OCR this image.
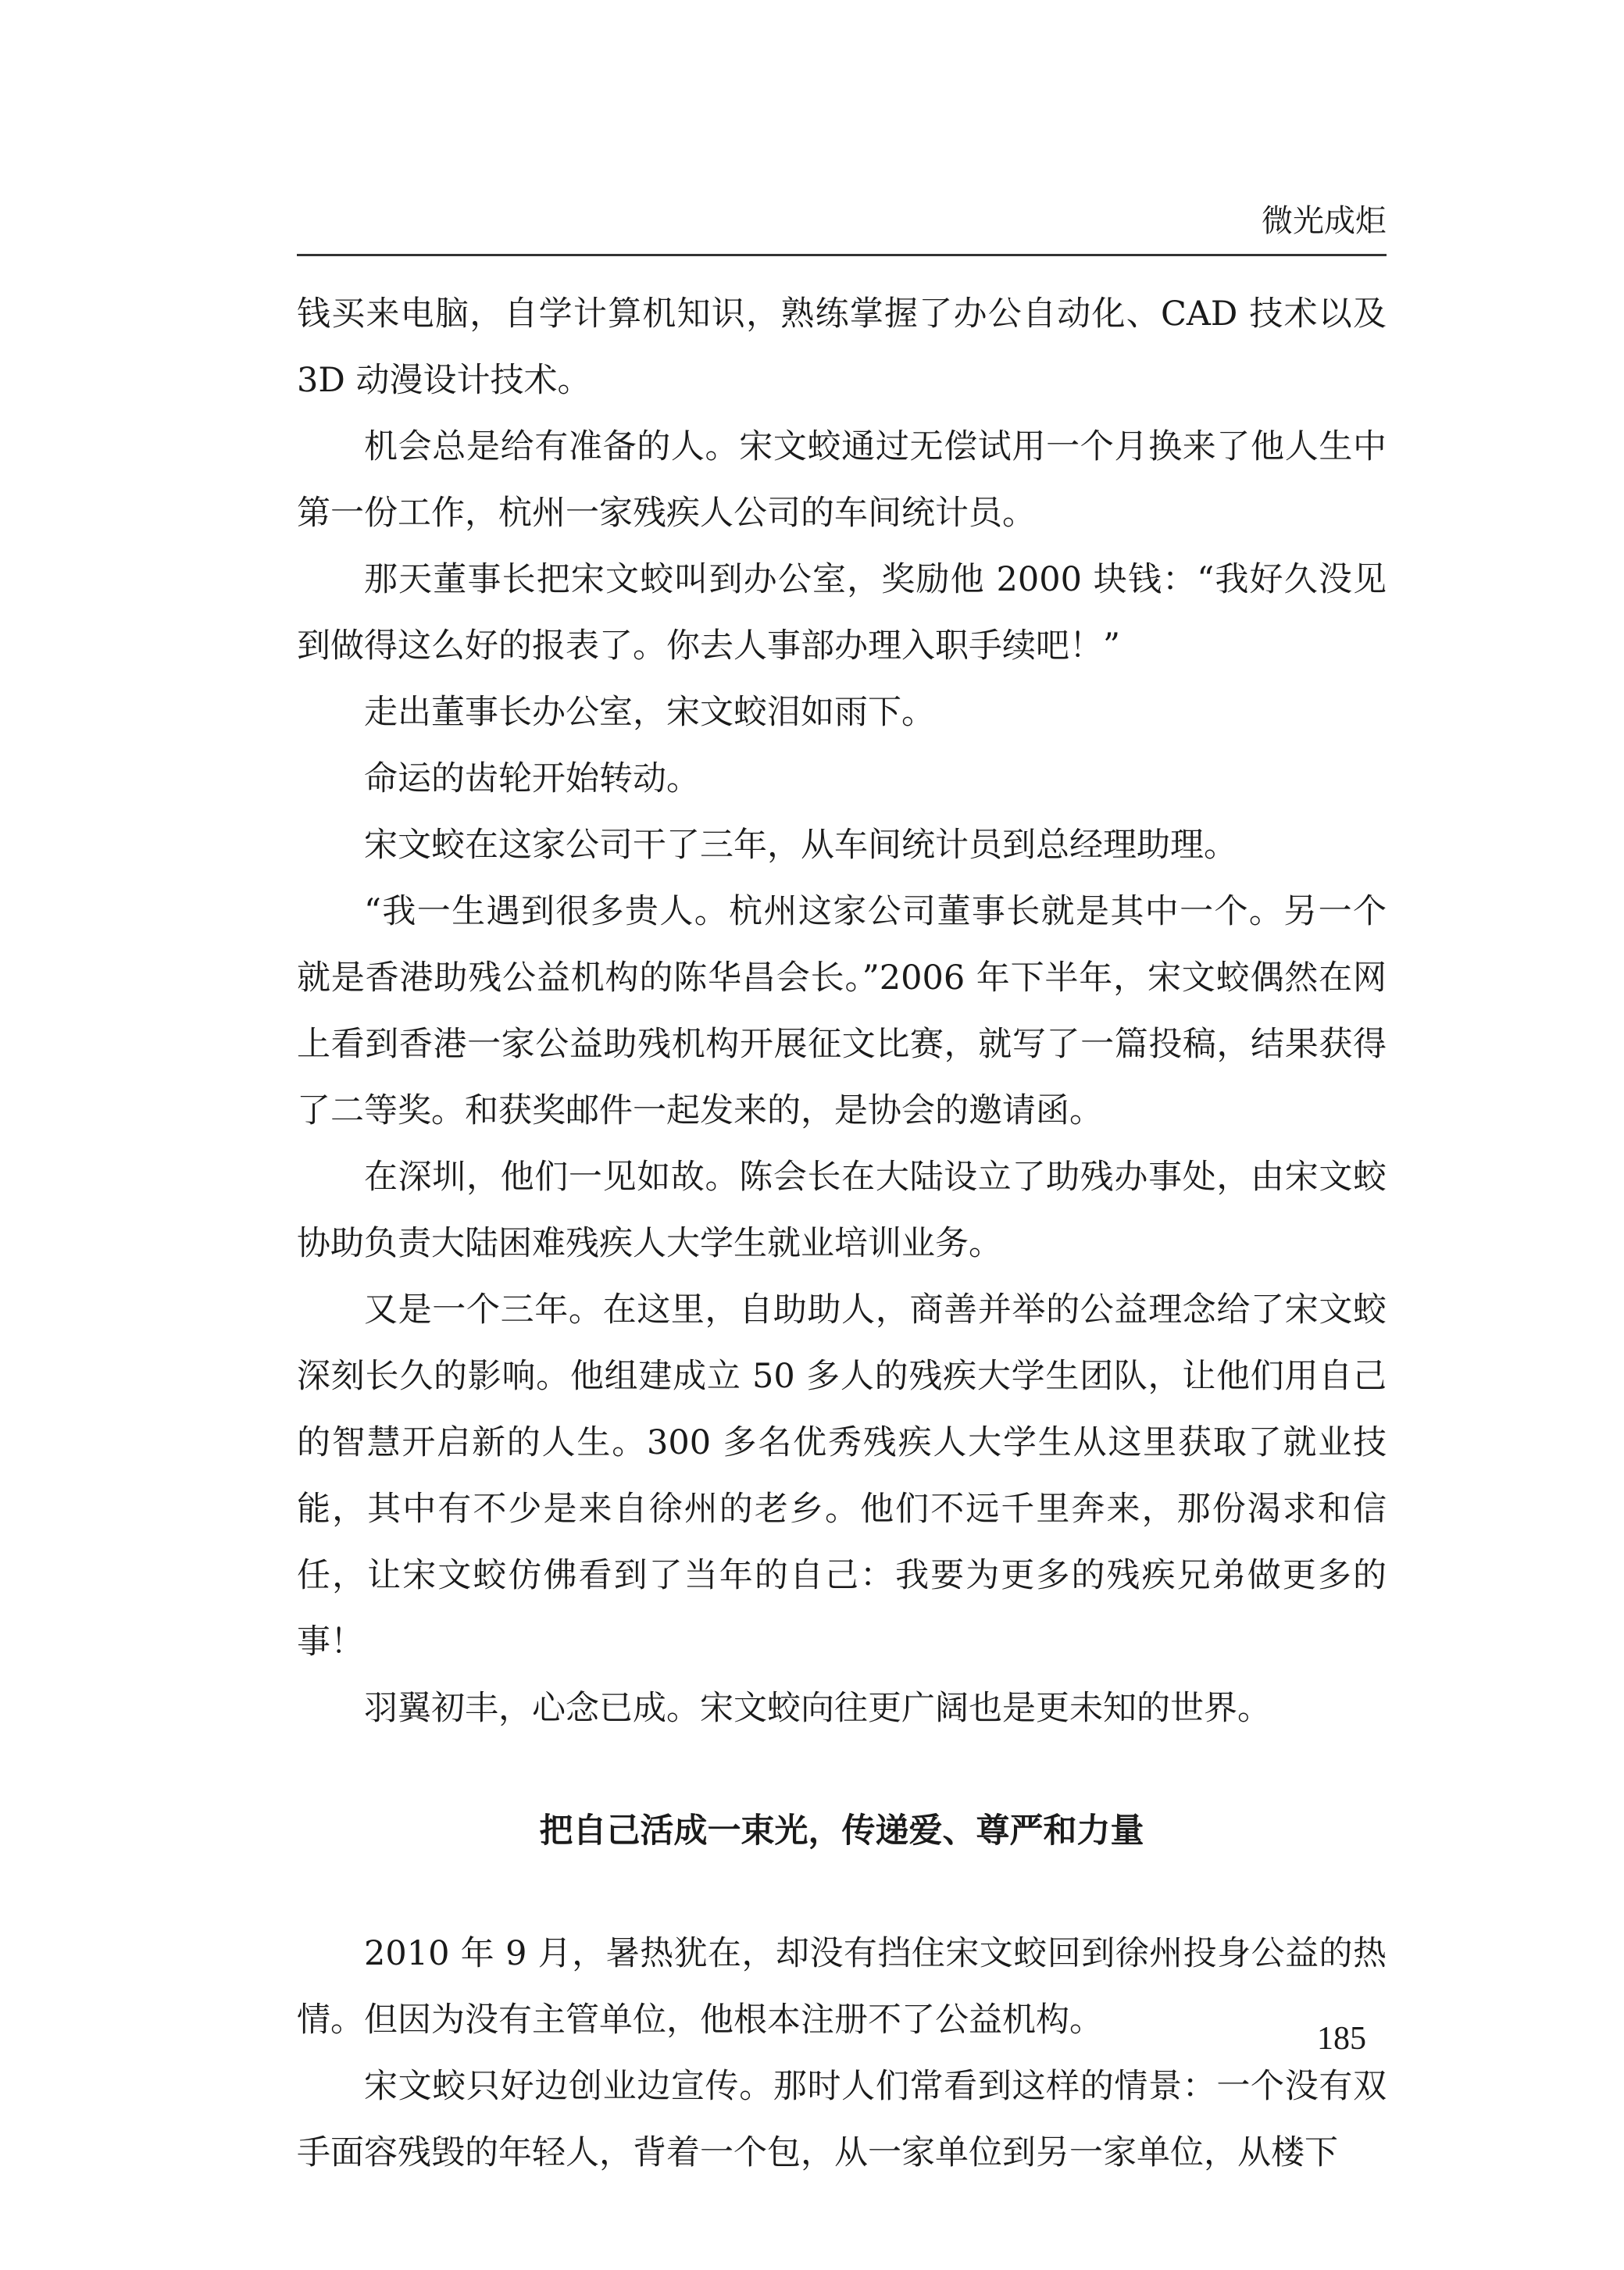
微光成炬

钱买来电脑，自学计算机知识，熟练掌握了办公自动化、CAD 技术以及 3D 动漫设计技术。

机会总是给有准备的人。宋文蛟通过无偿试用一个月换来了他人生中第一份工作，杭州一家残疾人公司的车间统计员。

那天董事长把宋文蛟叫到办公室，奖励他 2000 块钱：“我好久没见到做得这么好的报表了。你去人事部办理入职手续吧！”

走出董事长办公室，宋文蛟泪如雨下。

命运的齿轮开始转动。

宋文蛟在这家公司干了三年，从车间统计员到总经理助理。

“我一生遇到很多贵人。杭州这家公司董事长就是其中一个。另一个就是香港助残公益机构的陈华昌会长。”2006 年下半年，宋文蛟偶然在网上看到香港一家公益助残机构开展征文比赛，就写了一篇投稿，结果获得了二等奖。和获奖邮件一起发来的，是协会的邀请函。

在深圳，他们一见如故。陈会长在大陆设立了助残办事处，由宋文蛟协助负责大陆困难残疾人大学生就业培训业务。

又是一个三年。在这里，自助助人，商善并举的公益理念给了宋文蛟深刻长久的影响。他组建成立 50 多人的残疾大学生团队，让他们用自己的智慧开启新的人生。300 多名优秀残疾人大学生从这里获取了就业技能，其中有不少是来自徐州的老乡。他们不远千里奔来，那份渴求和信任，让宋文蛟仿佛看到了当年的自己：我要为更多的残疾兄弟做更多的事！

羽翼初丰，心念已成。宋文蛟向往更广阔也是更未知的世界。

把自己活成一束光，传递爱、尊严和力量

2010 年 9 月，暑热犹在，却没有挡住宋文蛟回到徐州投身公益的热情。但因为没有主管单位，他根本注册不了公益机构。

宋文蛟只好边创业边宣传。那时人们常看到这样的情景：一个没有双手面容残毁的年轻人，背着一个包，从一家单位到另一家单位，从楼下

185
